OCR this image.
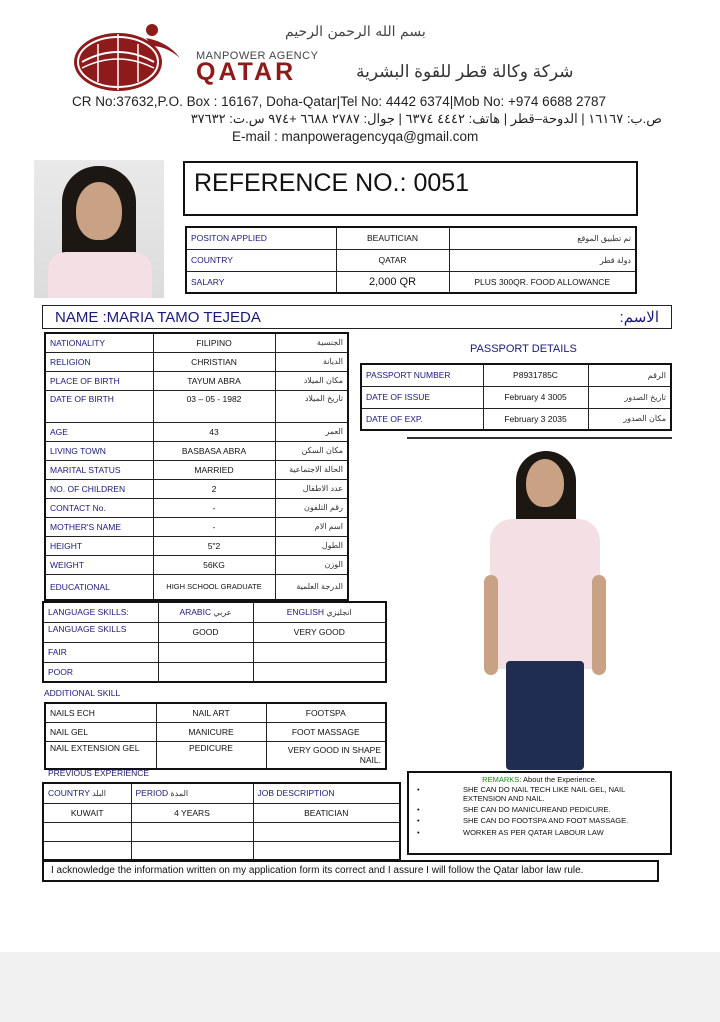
بسم الله الرحمن الرحيم
MANPOWER AGENCY
QATAR	شركة وكالة قطر للقوة البشرية
CR No:37632,P.O. Box : 16167, Doha-Qatar|Tel No: 4442 6374|Mob No: +974 6688 2787
ص.ب: ١٦١٦٧ | الدوحة–قطر | هاتف: ٤٤٤٢ ٦٣٧٤ | جوال: ٢٧٨٧ ٦٦٨٨ +٩٧٤ س.ت: ٣٧٦٣٢
E-mail : manpoweragencyqa@gmail.com
REFERENCE NO.: 0051
POSITON APPLIED	BEAUTICIAN	تم تطبيق الموقع
COUNTRY	QATAR	دولة قطر
SALARY	2,000 QR	PLUS 300QR. FOOD ALLOWANCE
NAME :MARIA TAMO TEJEDA	الاسم:
NATIONALITY	FILIPINO	الجنسية
RELIGION	CHRISTIAN	الديانة
PLACE OF BIRTH	TAYUM ABRA	مكان الميلاد
DATE OF BIRTH	03 – 05 - 1982	تاريخ الميلاد
AGE	43	العمر
LIVING TOWN	BASBASA ABRA	مكان السكن
MARITAL STATUS	MARRIED	الحالة الاجتماعية
NO. OF CHILDREN	2	عدد الاطفال
CONTACT No.	-	رقم التلفون
MOTHER'S NAME	-	اسم الام
HEIGHT	5"2	الطول
WEIGHT	56KG	الوزن
EDUCATIONAL	HIGH SCHOOL GRADUATE	الدرجة العلمية
PASSPORT DETAILS
PASSPORT NUMBER	P8931785C	الرقم
DATE OF ISSUE	February 4 3005	تاريخ الصدور
DATE OF EXP.	February 3 2035	مكان الصدور
LANGUAGE SKILLS:	ARABIC عربي	ENGLISH انجليزي
LANGUAGE SKILLS	GOOD	VERY GOOD
FAIR		
POOR		
ADDITIONAL SKILL
NAILS ECH	NAIL ART	FOOTSPA
NAIL GEL	MANICURE	FOOT MASSAGE
NAIL EXTENSION GEL	PEDICURE	VERY GOOD IN SHAPE NAIL.
PREVIOUS EXPERIENCE
COUNTRY البلد	PERIOD المدة	JOB DESCRIPTION
KUWAIT	4 YEARS	BEATICIAN

REMARKS: About the Experience.
•	SHE CAN DO NAIL TECH LIKE NAIL GEL, NAIL EXTENSION AND NAIL.
•	SHE CAN DO MANICUREAND PEDICURE.
•	SHE CAN DO FOOTSPA AND FOOT MASSAGE.
•	WORKER AS PER QATAR LABOUR LAW
I acknowledge the information written on my application form its correct and I assure I will follow the Qatar labor law rule.
